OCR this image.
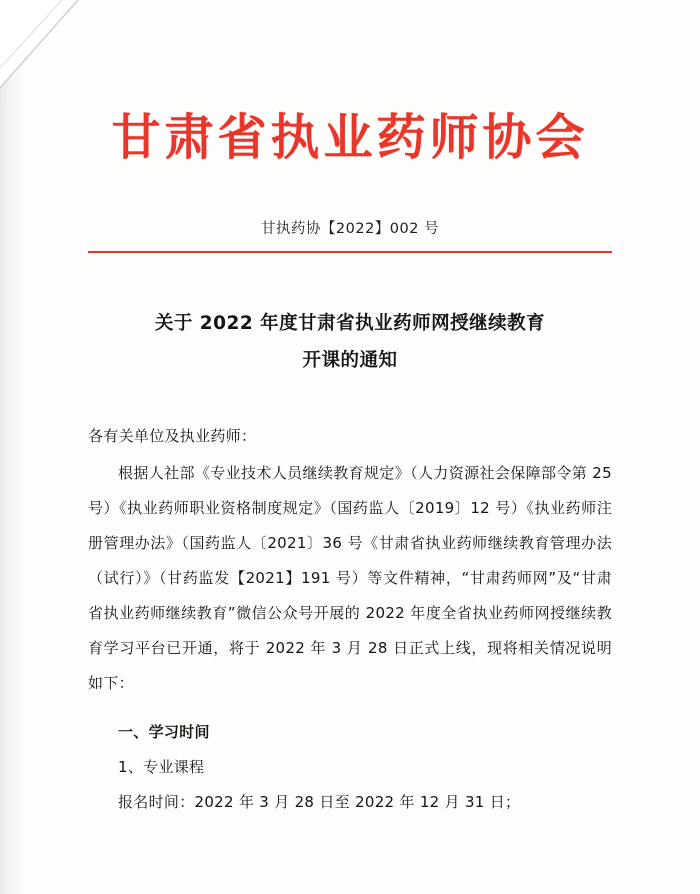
甘肃省执业药师协会
甘执药协【2022】002 号
关于 2022 年度甘肃省执业药师网授继续教育
开课的通知
各有关单位及执业药师：
根据人社部《专业技术人员继续教育规定》（人力资源社会保障部令第 25 号）《执业药师职业资格制度规定》（国药监人〔2019〕12 号）《执业药师注册管理办法》（国药监人〔2021〕36 号《甘肃省执业药师继续教育管理办法（试行）》（甘药监发【2021】191 号）等文件精神，“甘肃药师网”及“甘肃省执业药师继续教育”微信公众号开展的 2022 年度全省执业药师网授继续教育学习平台已开通，将于 2022 年 3 月 28 日正式上线，现将相关情况说明如下：
一、学习时间
1、专业课程
报名时间：2022 年 3 月 28 日至 2022 年 12 月 31 日；
